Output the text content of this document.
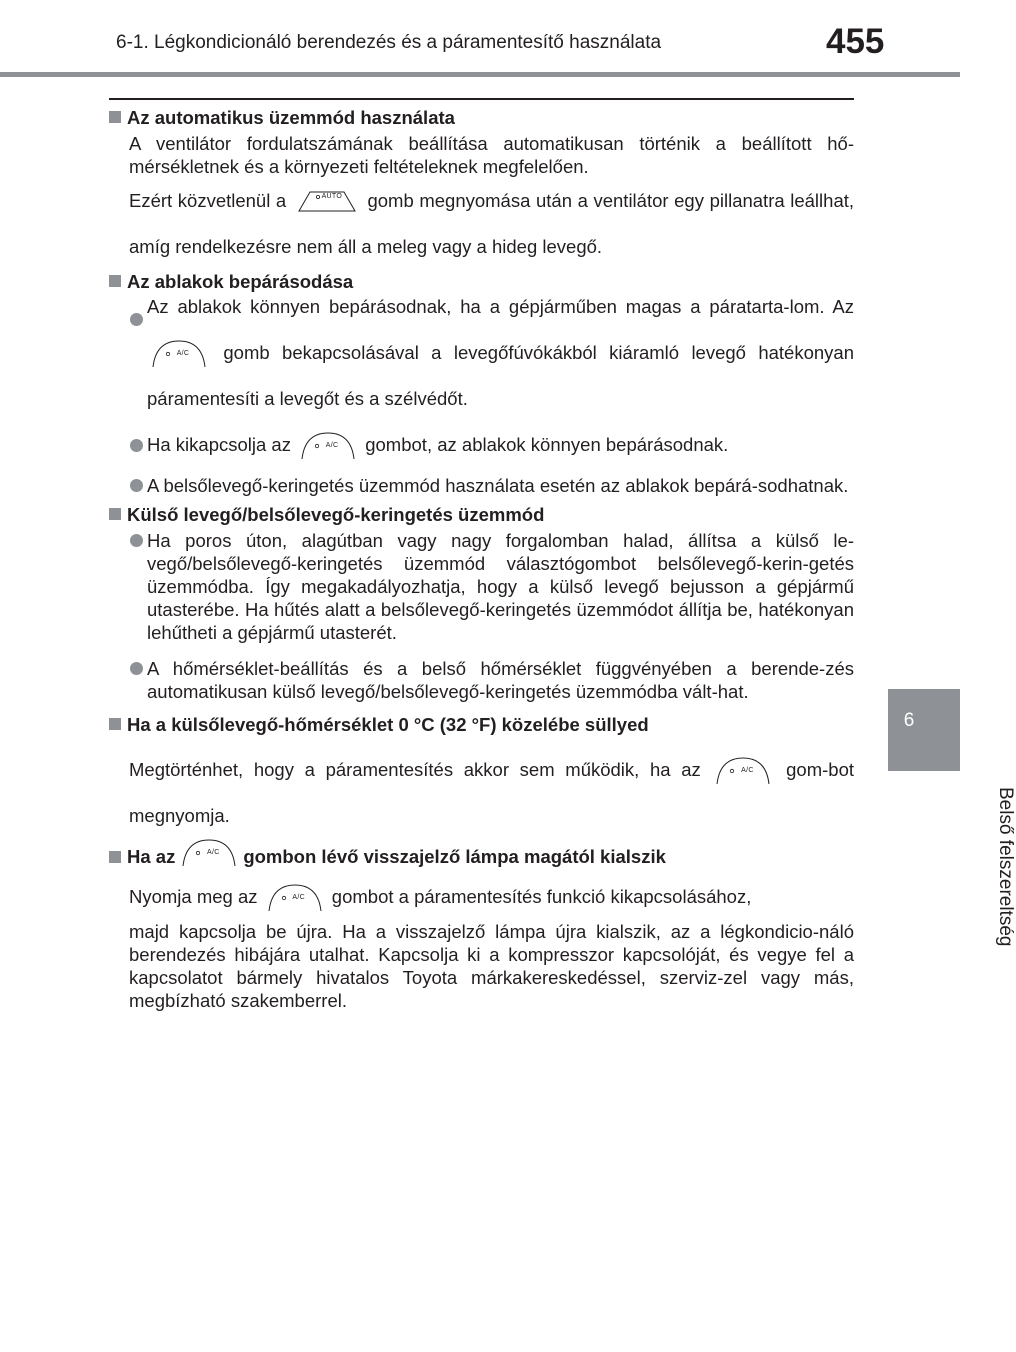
6-1. Légkondicionáló berendezés és a páramentesítő használata	455
6
Belső felszereltség
Az automatikus üzemmód használata
A ventilátor fordulatszámának beállítása automatikusan történik a beállított hő-mérsékletnek és a környezeti feltételeknek megfelelően.
Ezért közvetlenül a	AUTO	gomb megnyomása után a ventilátor egy pillanatra leállhat, amíg rendelkezésre nem áll a meleg vagy a hideg levegő.
Az ablakok bepárásodása
Az ablakok könnyen bepárásodnak, ha a gépjárműben magas a páratarta-lom. Az
A/C	gomb bekapcsolásával a levegőfúvókákból kiáramló levegő hatékonyan páramentesíti a levegőt és a szélvédőt.
Ha kikapcsolja az	A/C	gombot, az ablakok könnyen bepárásodnak.
A belsőlevegő-keringetés üzemmód használata esetén az ablakok bepárá-sodhatnak.
Külső levegő/belsőlevegő-keringetés üzemmód
Ha poros úton, alagútban vagy nagy forgalomban halad, állítsa a külső le-vegő/belsőlevegő-keringetés üzemmód választógombot belsőlevegő-kerin-getés üzemmódba. Így megakadályozhatja, hogy a külső levegő bejusson a gépjármű utasterébe. Ha hűtés alatt a belsőlevegő-keringetés üzemmódot állítja be, hatékonyan lehűtheti a gépjármű utasterét.
A hőmérséklet-beállítás és a belső hőmérséklet függvényében a berende-zés automatikusan külső levegő/belsőlevegő-keringetés üzemmódba vált-hat.
Ha a külsőlevegő-hőmérséklet 0 °C (32 °F) közelébe süllyed
Megtörténhet, hogy a páramentesítés akkor sem működik, ha az	A/C	gom-bot megnyomja.
Ha az	A/C	gombon lévő visszajelző lámpa magától kialszik
Nyomja meg az	A/C	gombot a páramentesítés funkció kikapcsolásához,
majd kapcsolja be újra. Ha a visszajelző lámpa újra kialszik, az a légkondicio-náló berendezés hibájára utalhat. Kapcsolja ki a kompresszor kapcsolóját, és vegye fel a kapcsolatot bármely hivatalos Toyota márkakereskedéssel, szerviz-zel vagy más, megbízható szakemberrel.
